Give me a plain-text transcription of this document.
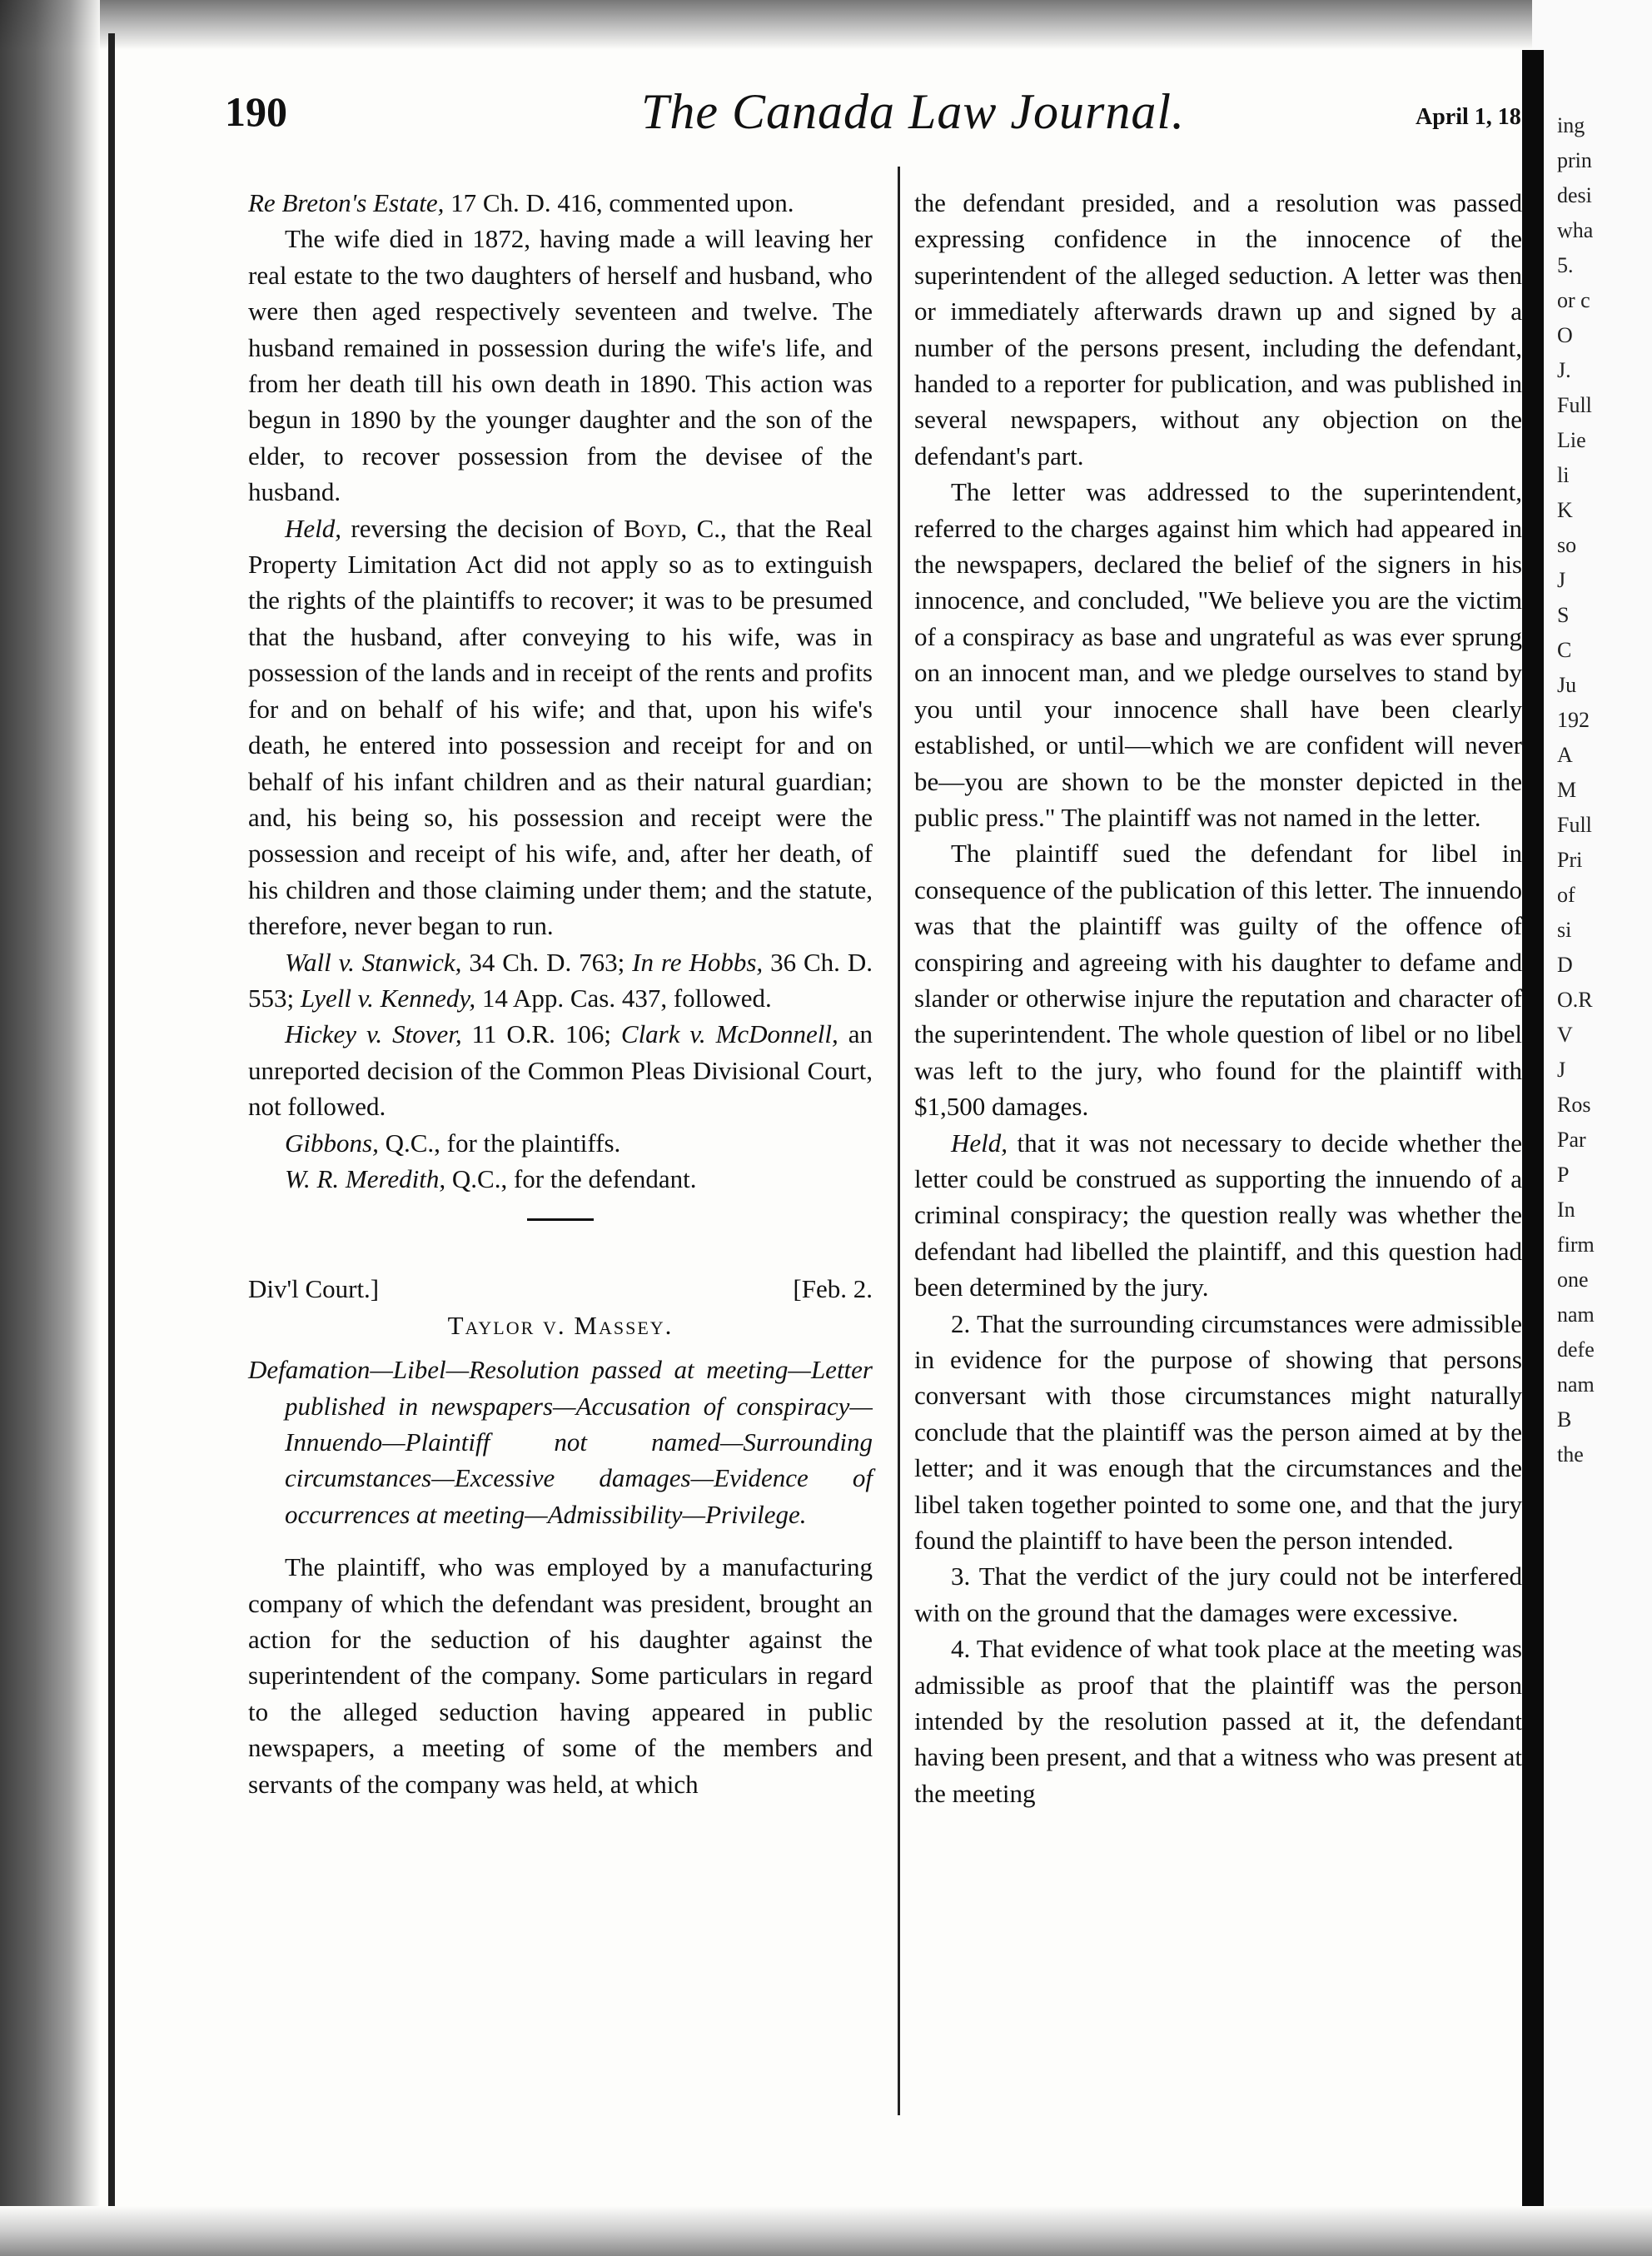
190	The Canada Law Journal.	April 1, 18

Re Breton's Estate, 17 Ch. D. 416, commented upon.

The wife died in 1872, having made a will leaving her real estate to the two daughters of herself and husband, who were then aged respectively seventeen and twelve. The husband remained in possession during the wife's life, and from her death till his own death in 1890. This action was begun in 1890 by the younger daughter and the son of the elder, to recover possession from the devisee of the husband.

Held, reversing the decision of Boyd, C., that the Real Property Limitation Act did not apply so as to extinguish the rights of the plaintiffs to recover; it was to be presumed that the husband, after conveying to his wife, was in possession of the lands and in receipt of the rents and profits for and on behalf of his wife; and that, upon his wife's death, he entered into possession and receipt for and on behalf of his infant children and as their natural guardian; and, his being so, his possession and receipt were the possession and receipt of his wife, and, after her death, of his children and those claiming under them; and the statute, therefore, never began to run.

Wall v. Stanwick, 34 Ch. D. 763; In re Hobbs, 36 Ch. D. 553; Lyell v. Kennedy, 14 App. Cas. 437, followed.

Hickey v. Stover, 11 O.R. 106; Clark v. McDonnell, an unreported decision of the Common Pleas Divisional Court, not followed.

Gibbons, Q.C., for the plaintiffs.

W. R. Meredith, Q.C., for the defendant.

Div'l Court.]	[Feb. 2.

Taylor v. Massey.

Defamation—Libel—Resolution passed at meeting—Letter published in newspapers—Accusation of conspiracy—Innuendo—Plaintiff not named—Surrounding circumstances—Excessive damages—Evidence of occurrences at meeting—Admissibility—Privilege.

The plaintiff, who was employed by a manufacturing company of which the defendant was president, brought an action for the seduction of his daughter against the superintendent of the company. Some particulars in regard to the alleged seduction having appeared in public newspapers, a meeting of some of the members and servants of the company was held, at which

the defendant presided, and a resolution was passed expressing confidence in the innocence of the superintendent of the alleged seduction. A letter was then or immediately afterwards drawn up and signed by a number of the persons present, including the defendant, handed to a reporter for publication, and was published in several newspapers, without any objection on the defendant's part.

The letter was addressed to the superintendent, referred to the charges against him which had appeared in the newspapers, declared the belief of the signers in his innocence, and concluded, "We believe you are the victim of a conspiracy as base and ungrateful as was ever sprung on an innocent man, and we pledge ourselves to stand by you until your innocence shall have been clearly established, or until—which we are confident will never be—you are shown to be the monster depicted in the public press." The plaintiff was not named in the letter.

The plaintiff sued the defendant for libel in consequence of the publication of this letter. The innuendo was that the plaintiff was guilty of the offence of conspiring and agreeing with his daughter to defame and slander or otherwise injure the reputation and character of the superintendent. The whole question of libel or no libel was left to the jury, who found for the plaintiff with $1,500 damages.

Held, that it was not necessary to decide whether the letter could be construed as supporting the innuendo of a criminal conspiracy; the question really was whether the defendant had libelled the plaintiff, and this question had been determined by the jury.

2. That the surrounding circumstances were admissible in evidence for the purpose of showing that persons conversant with those circumstances might naturally conclude that the plaintiff was the person aimed at by the letter; and it was enough that the circumstances and the libel taken together pointed to some one, and that the jury found the plaintiff to have been the person intended.

3. That the verdict of the jury could not be interfered with on the ground that the damages were excessive.

4. That evidence of what took place at the meeting was admissible as proof that the plaintiff was the person intended by the resolution passed at it, the defendant having been present, and that a witness who was present at the meeting

ing
prin
desi
wha
5.
or c
O
J.
Full
Lie
li
K
so
J
S
C
Ju
192
A
M
Full
Pri
of
si
D
O.R
V
J
Ros
Par
P
In
firm
one
nam
defe
nam
B
the
